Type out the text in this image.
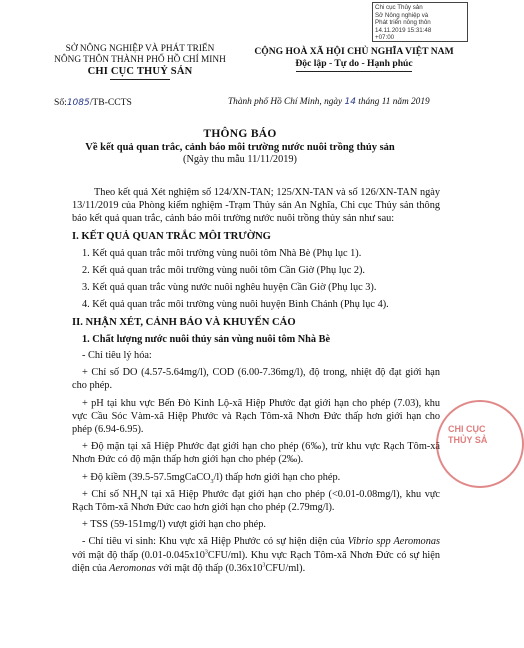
Chi cục Thủy sản
Sở Nông nghiệp và
Phát triển nông thôn
14.11.2019 15:31:48
+07:00
SỞ NÔNG NGHIỆP VÀ PHÁT TRIỂN
NÔNG THÔN THÀNH PHỐ HỒ CHÍ MINH
CHI CỤC THUỶ SẢN
CỘNG HOÀ XÃ HỘI CHỦ NGHĨA VIỆT NAM
Độc lập - Tự do - Hạnh phúc
Số:1085/TB-CCTS	Thành phố Hồ Chí Minh, ngày 14 tháng 11 năm 2019
THÔNG BÁO
Về kết quả quan trắc, cảnh báo môi trường nước nuôi trồng thủy sản
(Ngày thu mẫu 11/11/2019)

Theo kết quả Xét nghiệm số 124/XN-TAN; 125/XN-TAN và số 126/XN-TAN ngày 13/11/2019 của Phòng kiểm nghiệm -Trạm Thủy sản An Nghĩa, Chi cục Thủy sản thông báo kết quả quan trắc, cảnh báo môi trường nước nuôi trồng thủy sản như sau:

I. KẾT QUẢ QUAN TRẮC MÔI TRƯỜNG

1. Kết quả quan trắc môi trường vùng nuôi tôm Nhà Bè (Phụ lục 1).

2. Kết quả quan trắc môi trường vùng nuôi tôm Cần Giờ (Phụ lục 2).

3. Kết quả quan trắc vùng nước nuôi nghêu huyện Cần Giờ (Phụ lục 3).

4. Kết quả quan trắc môi trường vùng nuôi huyện Bình Chánh (Phụ lục 4).

II. NHẬN XÉT, CẢNH BÁO VÀ KHUYẾN CÁO
1. Chất lượng nước nuôi thủy sản vùng nuôi tôm Nhà Bè

- Chỉ tiêu lý hóa:

+ Chỉ số DO (4.57-5.64mg/l), COD (6.00-7.36mg/l), độ trong, nhiệt độ đạt giới hạn cho phép.

+ pH tại khu vực Bến Đò Kinh Lộ-xã Hiệp Phước đạt giới hạn cho phép (7.03), khu vực Cầu Sóc Vàm-xã Hiệp Phước và Rạch Tôm-xã Nhơn Đức thấp hơn giới hạn cho phép (6.94-6.95).

+ Độ mặn tại xã Hiệp Phước đạt giới hạn cho phép (6‰), trừ khu vực Rạch Tôm-xã Nhơn Đức có độ mặn thấp hơn giới hạn cho phép (2‰).

+ Độ kiềm (39.5-57.5mgCaCO$_3$/l) thấp hơn giới hạn cho phép.

+ Chỉ số $NH_4N$ tại xã Hiệp Phước đạt giới hạn cho phép (<0.01-0.08mg/l), khu vực Rạch Tôm-xã Nhơn Đức cao hơn giới hạn cho phép (2.79mg/l).

+ TSS (59-151mg/l) vượt giới hạn cho phép.

- Chỉ tiêu vi sinh: Khu vực xã Hiệp Phước có sự hiện diện của Vibrio spp Aeromonas với mật độ thấp $(0.01-0.045x10^3CFU/ml)$. Khu vực Rạch Tôm-xã Nhơn Đức có sự hiện diện của Aeromonas với mật độ thấp $(0.36x10^3CFU/ml)$.

CHI CỤC
THỦY SẢ
